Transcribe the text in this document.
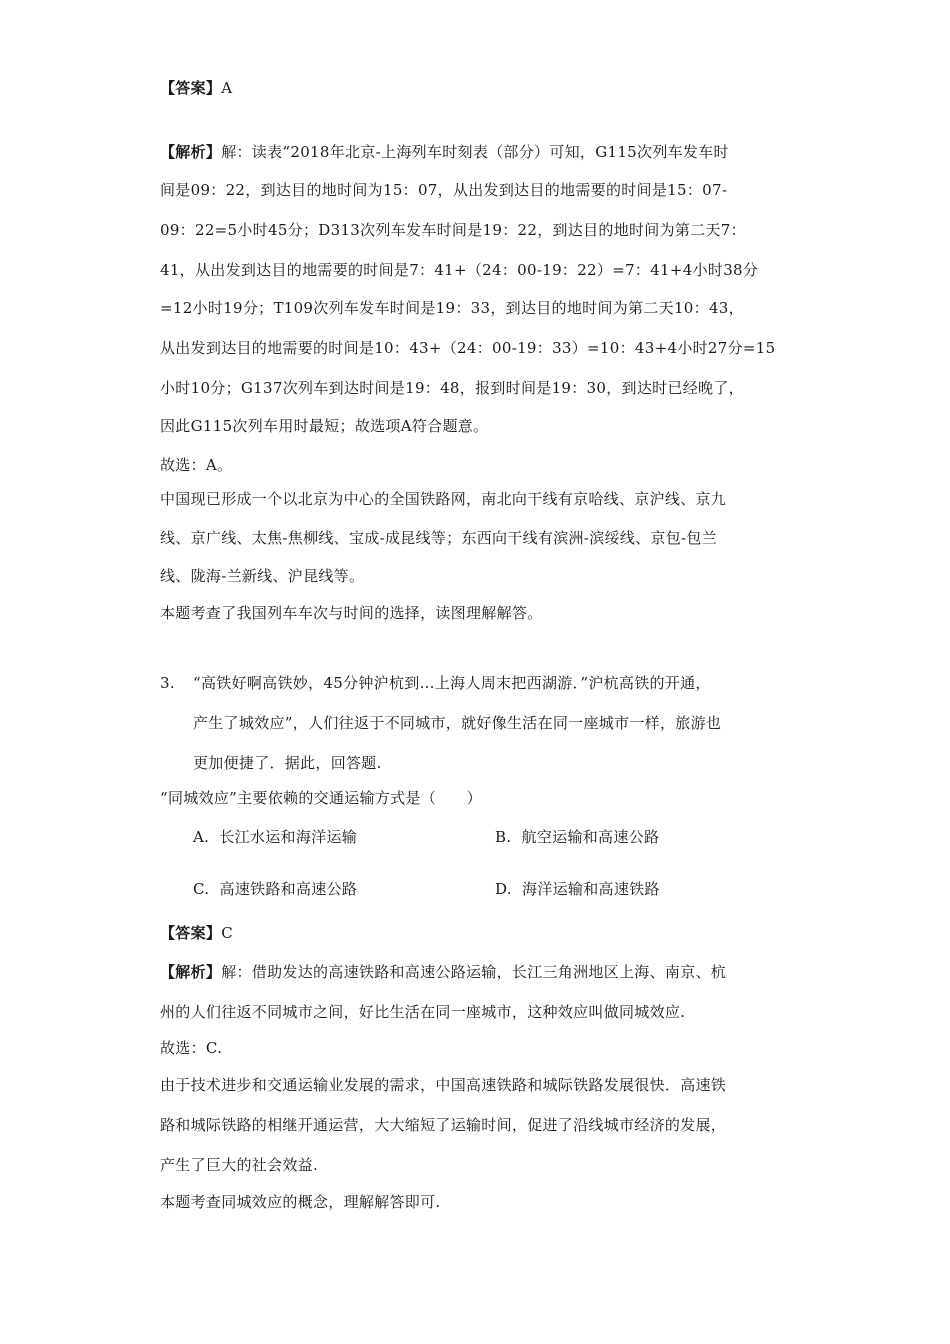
【答案】A
【解析】解：读表“2018年北京-上海列车时刻表（部分）可知，G115次列车发车时
间是09：22，到达目的地时间为15：07，从出发到达目的地需要的时间是15：07-
09：22=5小时45分；D313次列车发车时间是19：22，到达目的地时间为第二天7：
41，从出发到达目的地需要的时间是7：41+（24：00-19：22）=7：41+4小时38分
=12小时19分；T109次列车发车时间是19：33，到达目的地时间为第二天10：43，
从出发到达目的地需要的时间是10：43+（24：00-19：33）=10：43+4小时27分=15
小时10分；G137次列车到达时间是19：48，报到时间是19：30，到达时已经晚了，
因此G115次列车用时最短；故选项A符合题意。
故选：A。
中国现已形成一个以北京为中心的全国铁路网，南北向干线有京哈线、京沪线、京九
线、京广线、太焦-焦柳线、宝成-成昆线等；东西向干线有滨洲-滨绥线、京包-包兰
线、陇海-兰新线、沪昆线等。
本题考查了我国列车车次与时间的选择，读图理解解答。
3.	“高铁好啊高铁妙，45分钟沪杭到…上海人周末把西湖游．”沪杭高铁的开通，
产生了城效应”，人们往返于不同城市，就好像生活在同一座城市一样，旅游也
更加便捷了．据此，回答题.
“同城效应”主要依赖的交通运输方式是（　　）
A. 长江水运和海洋运输	B. 航空运输和高速公路
C. 高速铁路和高速公路	D. 海洋运输和高速铁路
【答案】C
【解析】解：借助发达的高速铁路和高速公路运输，长江三角洲地区上海、南京、杭
州的人们往返不同城市之间，好比生活在同一座城市，这种效应叫做同城效应.
故选：C.
由于技术进步和交通运输业发展的需求，中国高速铁路和城际铁路发展很快．高速铁
路和城际铁路的相继开通运营，大大缩短了运输时间，促进了沿线城市经济的发展，
产生了巨大的社会效益.
本题考查同城效应的概念，理解解答即可.
